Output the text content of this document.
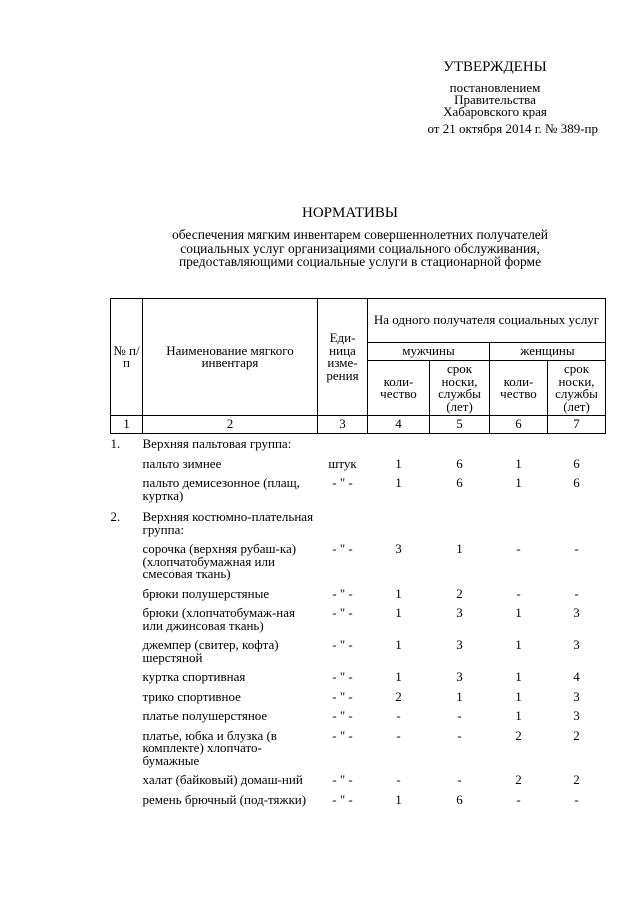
УТВЕРЖДЕНЫ
постановлением
Правительства
Хабаровского края
от 21 октября 2014 г. № 389-пр
НОРМАТИВЫ
обеспечения мягким инвентарем совершеннолетних получателей
социальных услуг организациями социального обслуживания,
предоставляющими социальные услуги в стационарной форме
№ п/п	Наименование мягкого инвентаря	Еди-ница изме-рения	На одного получателя социальных услуг			
			мужчины		женщины	
			коли-чество	срок носки, службы (лет)	коли-чество	срок носки, службы (лет)
1	2	3	4	5	6	7
1.	Верхняя пальтовая группа:					
	пальто зимнее	штук	1	6	1	6
	пальто демисезонное (плащ, куртка)	- " -	1	6	1	6
2.	Верхняя костюмно-плательная группа:					
	сорочка (верхняя рубаш-ка) (хлопчатобумажная или смесовая ткань)	- " -	3	1	-	-
	брюки полушерстяные	- " -	1	2	-	-
	брюки (хлопчатобумаж-ная или джинсовая ткань)	- " -	1	3	1	3
	джемпер (свитер, кофта) шерстяной	- " -	1	3	1	3
	куртка спортивная	- " -	1	3	1	4
	трико спортивное	- " -	2	1	1	3
	платье полушерстяное	- " -	-	-	1	3
	платье, юбка и блузка (в комплекте) хлопчато-бумажные	- " -	-	-	2	2
	халат (байковый) домаш-ний	- " -	-	-	2	2
	ремень брючный (под-тяжки)	- " -	1	6	-	-
